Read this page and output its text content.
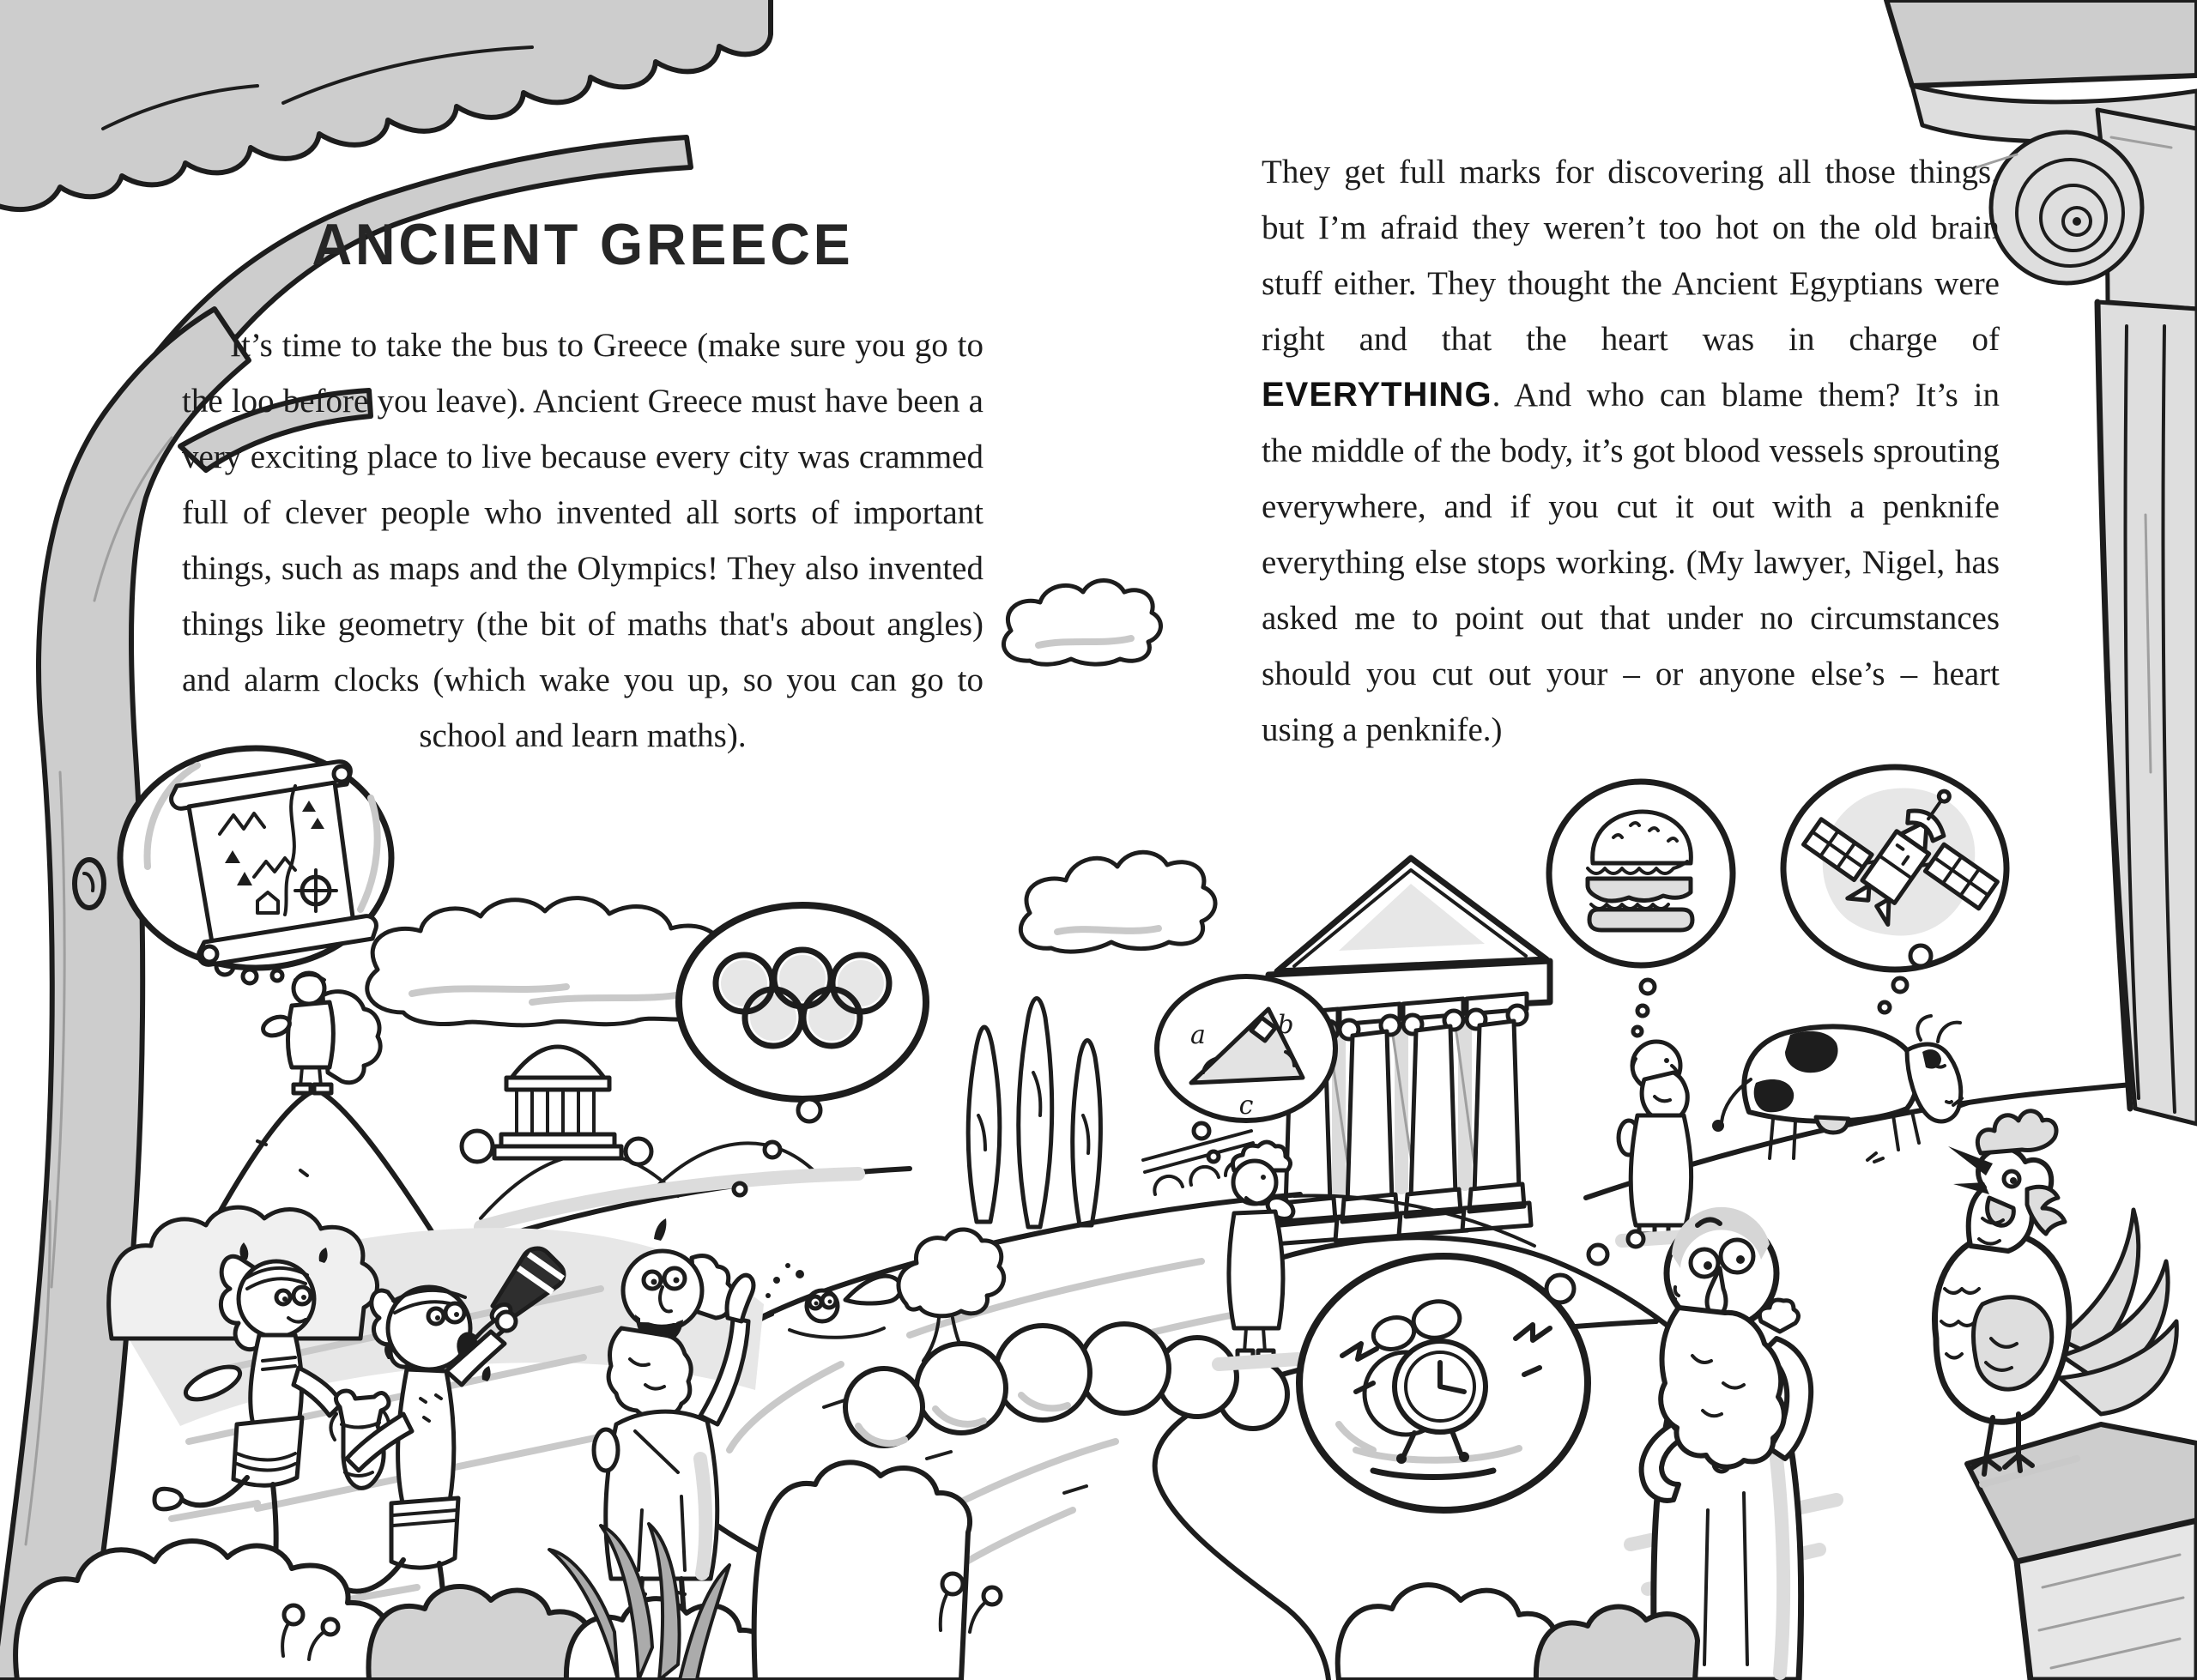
a	b
c
ANCIENT GREECE

It’s time to take the bus to Greece (make sure you go to the loo before you leave). Ancient Greece must have been a very exciting place to live because every city was crammed full of clever people who invented all sorts of important things, such as maps and the Olympics! They also invented things like geometry (the bit of maths that's about angles) and alarm clocks (which wake you up, so you can go to school and learn maths).

They get full marks for discovering all those things, but I’m afraid they weren’t too hot on the old brain stuff either. They thought the Ancient Egyptians were right and that the heart was in charge of EVERYTHING. And who can blame them? It’s in the middle of the body, it’s got blood vessels sprouting everywhere, and if you cut it out with a penknife everything else stops working. (My lawyer, Nigel, has asked me to point out that under no circumstances should you cut out your – or anyone else’s – heart using a penknife.)
